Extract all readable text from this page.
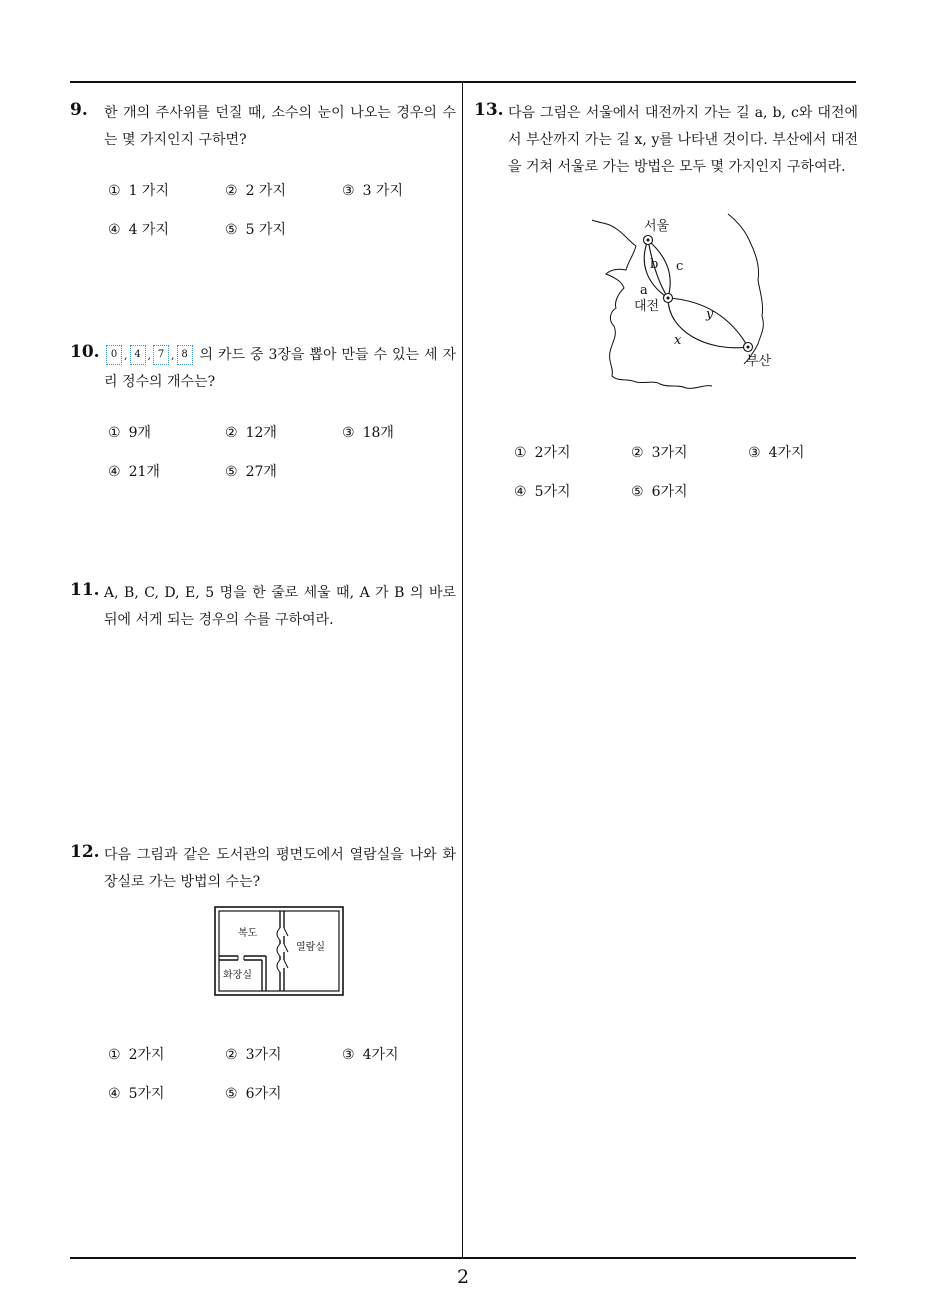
2
9. 한 개의 주사위를 던질 때, 소수의 눈이 나오는 경우의 수는 몇 가지인지 구하면?

① 1 가지	② 2 가지	③ 3 가지
④ 4 가지	⑤ 5 가지
10.	0 , 4 , 7 , 8 의 카드 중 3장을 뽑아 만들 수 있는 세 자리 정수의 개수는?

① 9개	② 12개	③ 18개
④ 21개	⑤ 27개
11. A, B, C, D, E, 5 명을 한 줄로 세울 때, A 가 B 의 바로 뒤에 서게 되는 경우의 수를 구하여라.

12. 다음 그림과 같은 도서관의 평면도에서 열람실을 나와 화장실로 가는 방법의 수는?

복도
열람실
화장실
① 2가지	② 3가지	③ 4가지
④ 5가지	⑤ 6가지
13. 다음 그림은 서울에서 대전까지 가는 길 a, b, c와 대전에서 부산까지 가는 길 x, y를 나타낸 것이다. 부산에서 대전을 거쳐 서울로 가는 방법은 모두 몇 가지인지 구하여라.

서울
대전
부산
a
b c
y
x
① 2가지	② 3가지	③ 4가지
④ 5가지	⑤ 6가지
